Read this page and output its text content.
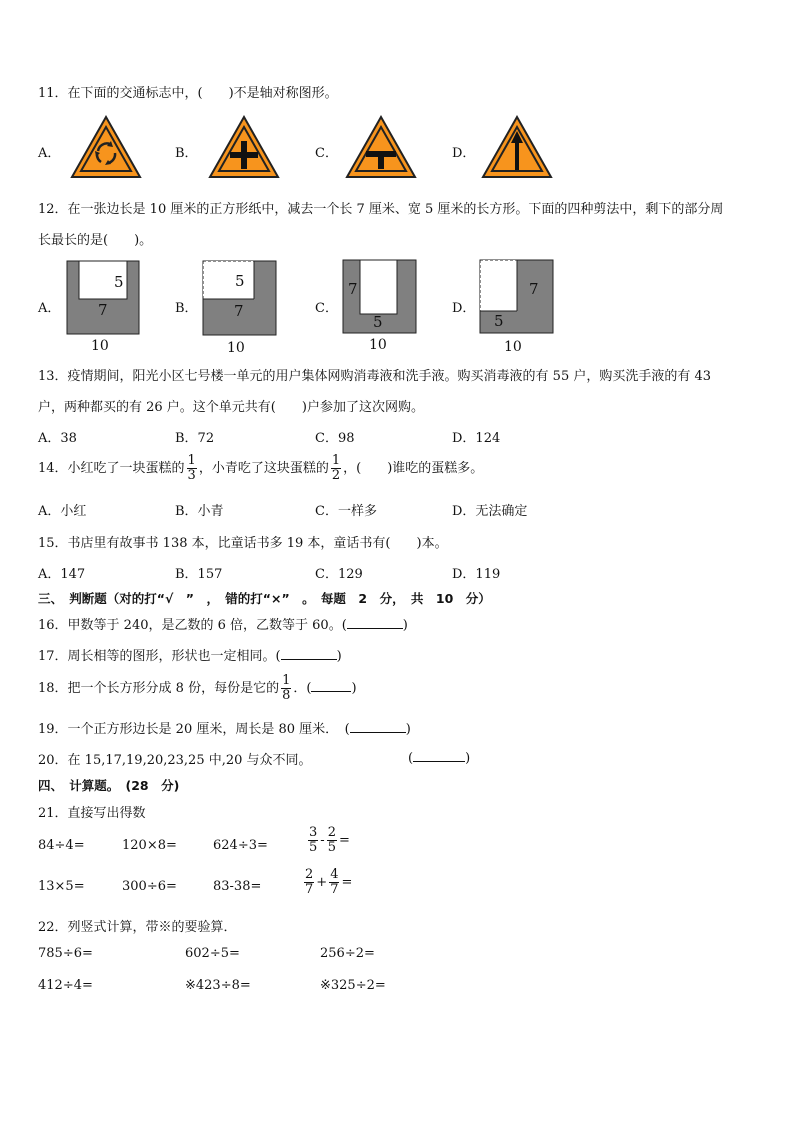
11．在下面的交通标志中，(　　)不是轴对称图形。
A．	B．	C．	D．
12．在一张边长是 10 厘米的正方形纸中，减去一个长 7 厘米、宽 5 厘米的长方形。下面的四种剪法中，剩下的部分周
长最长的是(　　)。
A．	B．	C．	D．
5
7
10
5
7
10
7
5
10
7
5
10
13．疫情期间，阳光小区七号楼一单元的用户集体网购消毒液和洗手液。购买消毒液的有 55 户，购买洗手液的有 43
户，两种都买的有 26 户。这个单元共有(　　)户参加了这次网购。
A．38	B．72	C．98	D．124
14．小红吃了一块蛋糕的 $\frac{1}{3}$ ，小青吃了这块蛋糕的 $\frac{1}{2}$ ，(　　)谁吃的蛋糕多。
A．小红	B．小青	C．一样多	D．无法确定
15．书店里有故事书 138 本，比童话书多 19 本，童话书有(　　)本。
A．147	B．157	C．129	D．119
三、　判断题（对的打“√　”　，　错的打“×”　。　每题　2　分，　共　10　分）
16．甲数等于 240，是乙数的 6 倍，乙数等于 60。(	)
17．周长相等的图形，形状也一定相同。(	)
18．把一个长方形分成 8 份，每份是它的 $\frac{1}{8}$ ．(	)
19．一个正方形边长是 20 厘米，周长是 80 厘米．　(	)
20．在 15,17,19,20,23,25 中,20 与众不同。	(	)
四、　计算题。　(28　分)
21．直接写出得数
84÷4=	120×8=	624÷3=	$\frac{3}{5} - \frac{2}{5}$ =
13×5=	300÷6=	83-38=	$\frac{2}{7} + \frac{4}{7}$ =
22．列竖式计算，带※的要验算．
785÷6=	602÷5=	256÷2=
412÷4=	※423÷8=	※325÷2=
